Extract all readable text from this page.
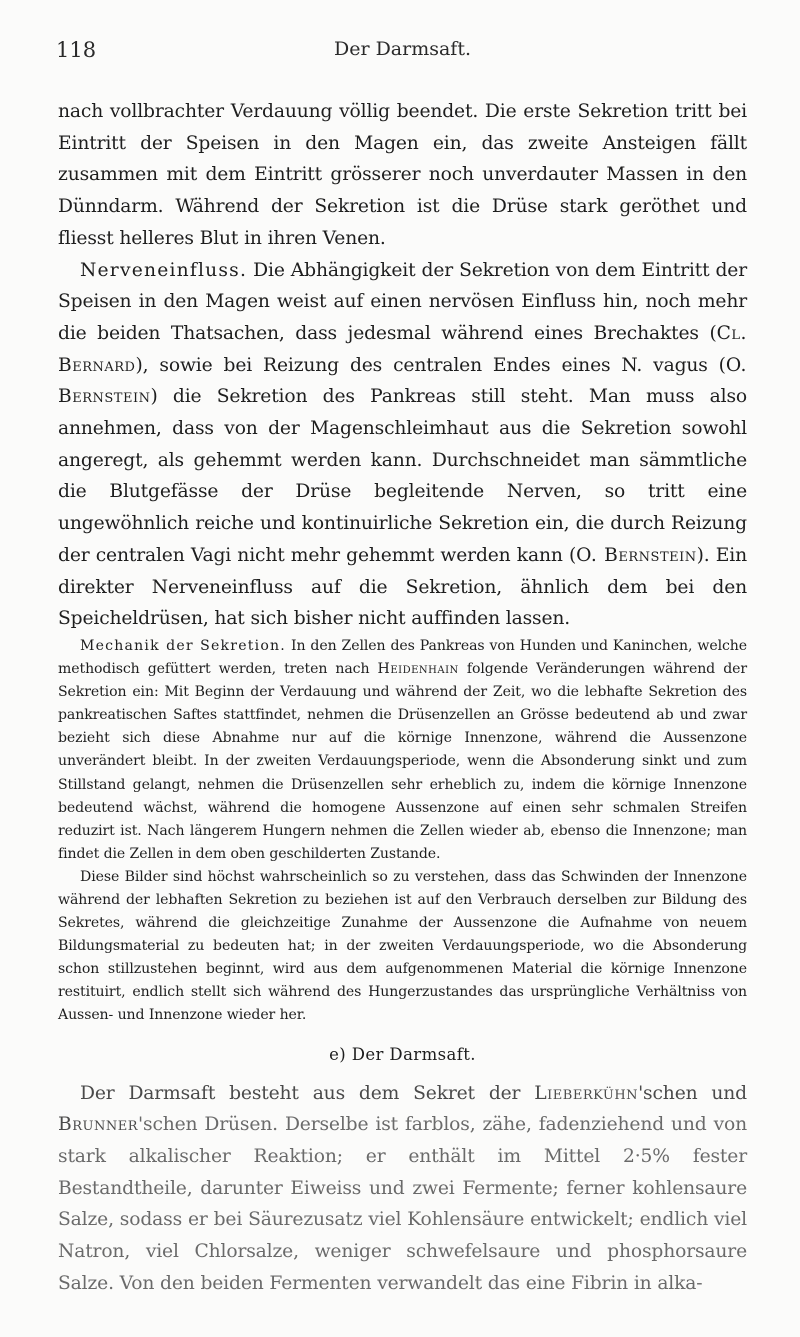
118	Der Darmsaft.

nach vollbrachter Verdauung völlig beendet. Die erste Sekretion tritt bei Eintritt der Speisen in den Magen ein, das zweite Ansteigen fällt zusammen mit dem Eintritt grösserer noch unverdauter Massen in den Dünndarm. Während der Sekretion ist die Drüse stark geröthet und fliesst helleres Blut in ihren Venen.

Nerveneinfluss. Die Abhängigkeit der Sekretion von dem Eintritt der Speisen in den Magen weist auf einen nervösen Einfluss hin, noch mehr die beiden Thatsachen, dass jedesmal während eines Brechaktes (Cl. Bernard), sowie bei Reizung des centralen Endes eines N. vagus (O. Bernstein) die Sekretion des Pankreas still steht. Man muss also annehmen, dass von der Magenschleimhaut aus die Sekretion sowohl angeregt, als gehemmt werden kann. Durchschneidet man sämmtliche die Blutgefässe der Drüse begleitende Nerven, so tritt eine ungewöhnlich reiche und kontinuirliche Sekretion ein, die durch Reizung der centralen Vagi nicht mehr gehemmt werden kann (O. Bernstein). Ein direkter Nerveneinfluss auf die Sekretion, ähnlich dem bei den Speicheldrüsen, hat sich bisher nicht auffinden lassen.

Mechanik der Sekretion. In den Zellen des Pankreas von Hunden und Kaninchen, welche methodisch gefüttert werden, treten nach Heidenhain folgende Veränderungen während der Sekretion ein: Mit Beginn der Verdauung und während der Zeit, wo die lebhafte Sekretion des pankreatischen Saftes stattfindet, nehmen die Drüsenzellen an Grösse bedeutend ab und zwar bezieht sich diese Abnahme nur auf die körnige Innenzone, während die Aussenzone unverändert bleibt. In der zweiten Verdauungsperiode, wenn die Absonderung sinkt und zum Stillstand gelangt, nehmen die Drüsenzellen sehr erheblich zu, indem die körnige Innenzone bedeutend wächst, während die homogene Aussenzone auf einen sehr schmalen Streifen reduzirt ist. Nach längerem Hungern nehmen die Zellen wieder ab, ebenso die Innenzone; man findet die Zellen in dem oben geschilderten Zustande.

Diese Bilder sind höchst wahrscheinlich so zu verstehen, dass das Schwinden der Innenzone während der lebhaften Sekretion zu beziehen ist auf den Verbrauch derselben zur Bildung des Sekretes, während die gleichzeitige Zunahme der Aussenzone die Aufnahme von neuem Bildungsmaterial zu bedeuten hat; in der zweiten Verdauungsperiode, wo die Absonderung schon stillzustehen beginnt, wird aus dem aufgenommenen Material die körnige Innenzone restituirt, endlich stellt sich während des Hungerzustandes das ursprüngliche Verhältniss von Aussen- und Innenzone wieder her.

e) Der Darmsaft.

Der Darmsaft besteht aus dem Sekret der Lieberkühn'schen und Brunner'schen Drüsen. Derselbe ist farblos, zähe, fadenziehend und von stark alkalischer Reaktion; er enthält im Mittel 2·5% fester Bestandtheile, darunter Eiweiss und zwei Fermente; ferner kohlensaure Salze, sodass er bei Säurezusatz viel Kohlensäure entwickelt; endlich viel Natron, viel Chlorsalze, weniger schwefelsaure und phosphorsaure Salze. Von den beiden Fermenten verwandelt das eine Fibrin in alka-
